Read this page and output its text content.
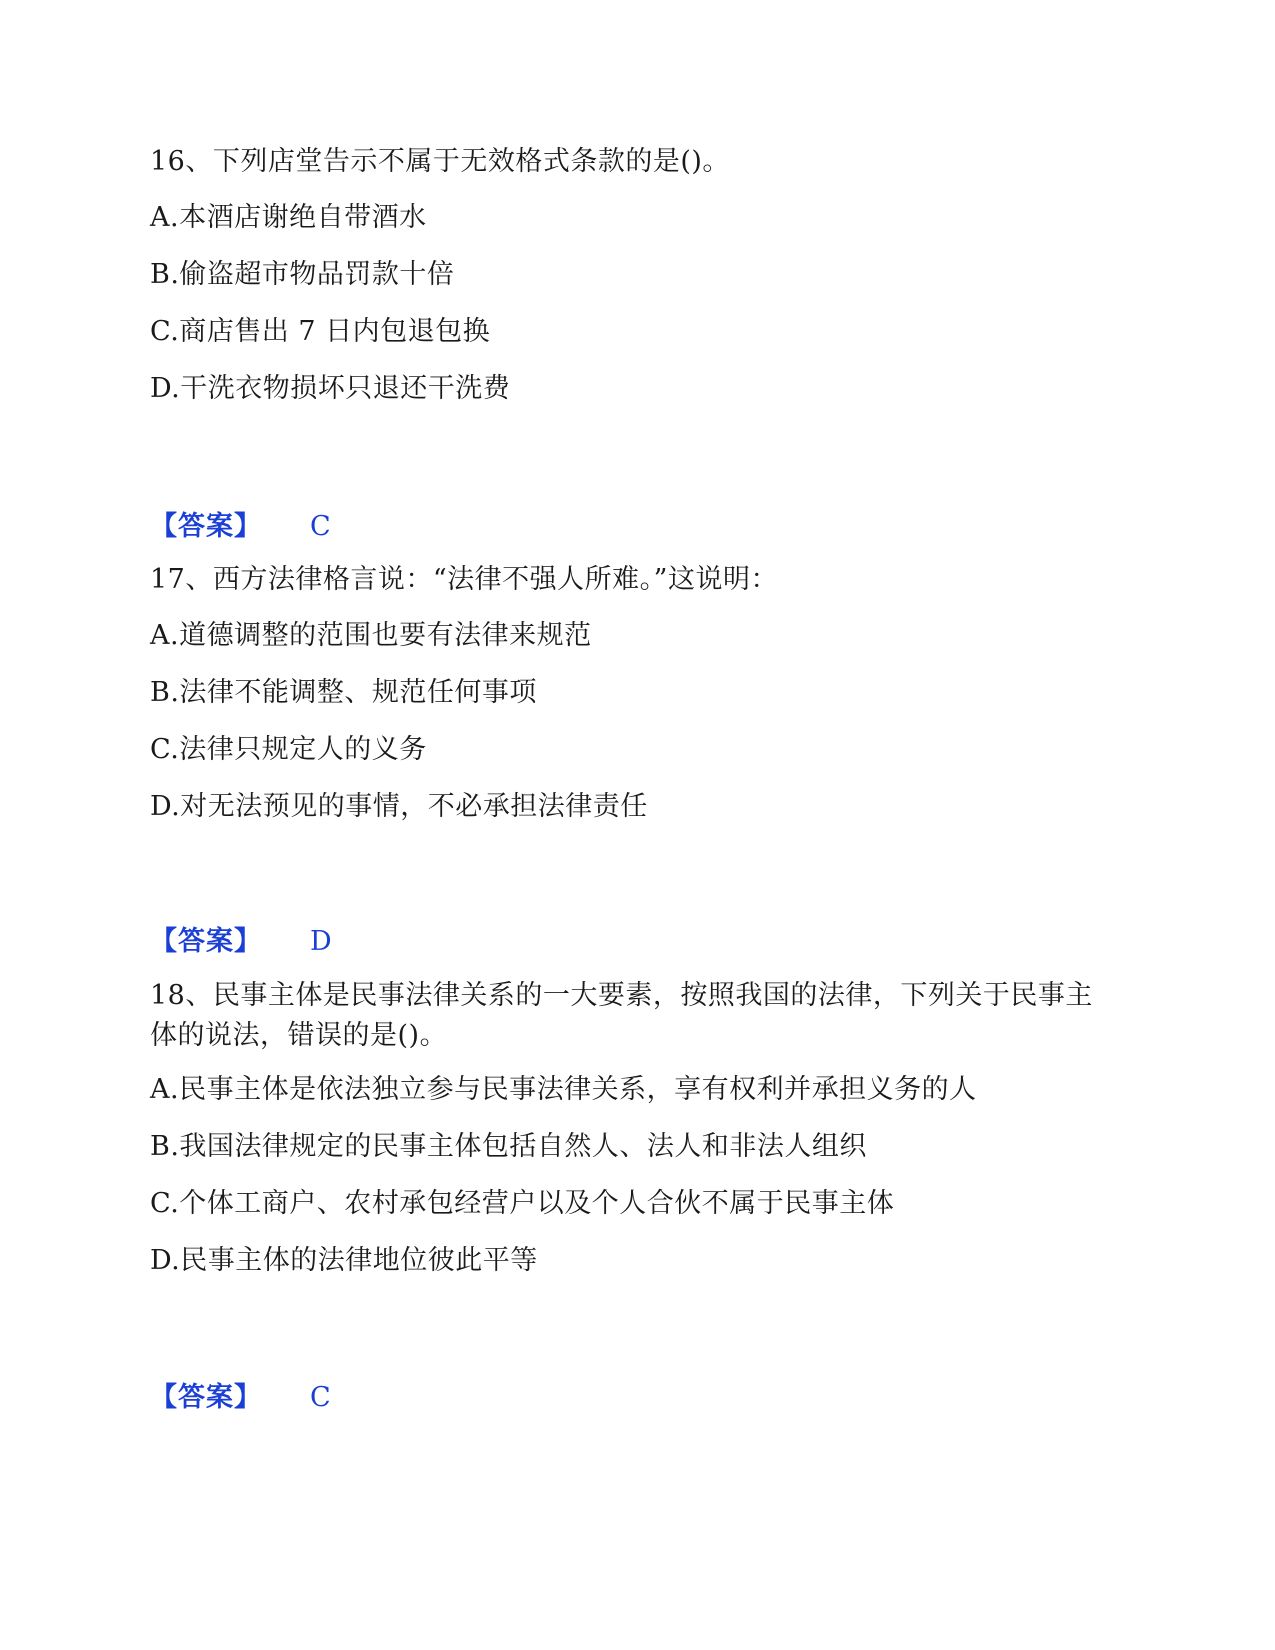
16、下列店堂告示不属于无效格式条款的是()。

A.本酒店谢绝自带酒水

B.偷盗超市物品罚款十倍

C.商店售出 7 日内包退包换

D.干洗衣物损坏只退还干洗费

【答案】 C

17、西方法律格言说：“法律不强人所难。”这说明：

A.道德调整的范围也要有法律来规范

B.法律不能调整、规范任何事项

C.法律只规定人的义务

D.对无法预见的事情，不必承担法律责任

【答案】 D

18、民事主体是民事法律关系的一大要素，按照我国的法律，下列关于民事主体的说法，错误的是()。

A.民事主体是依法独立参与民事法律关系，享有权利并承担义务的人

B.我国法律规定的民事主体包括自然人、法人和非法人组织

C.个体工商户、农村承包经营户以及个人合伙不属于民事主体

D.民事主体的法律地位彼此平等

【答案】 C
